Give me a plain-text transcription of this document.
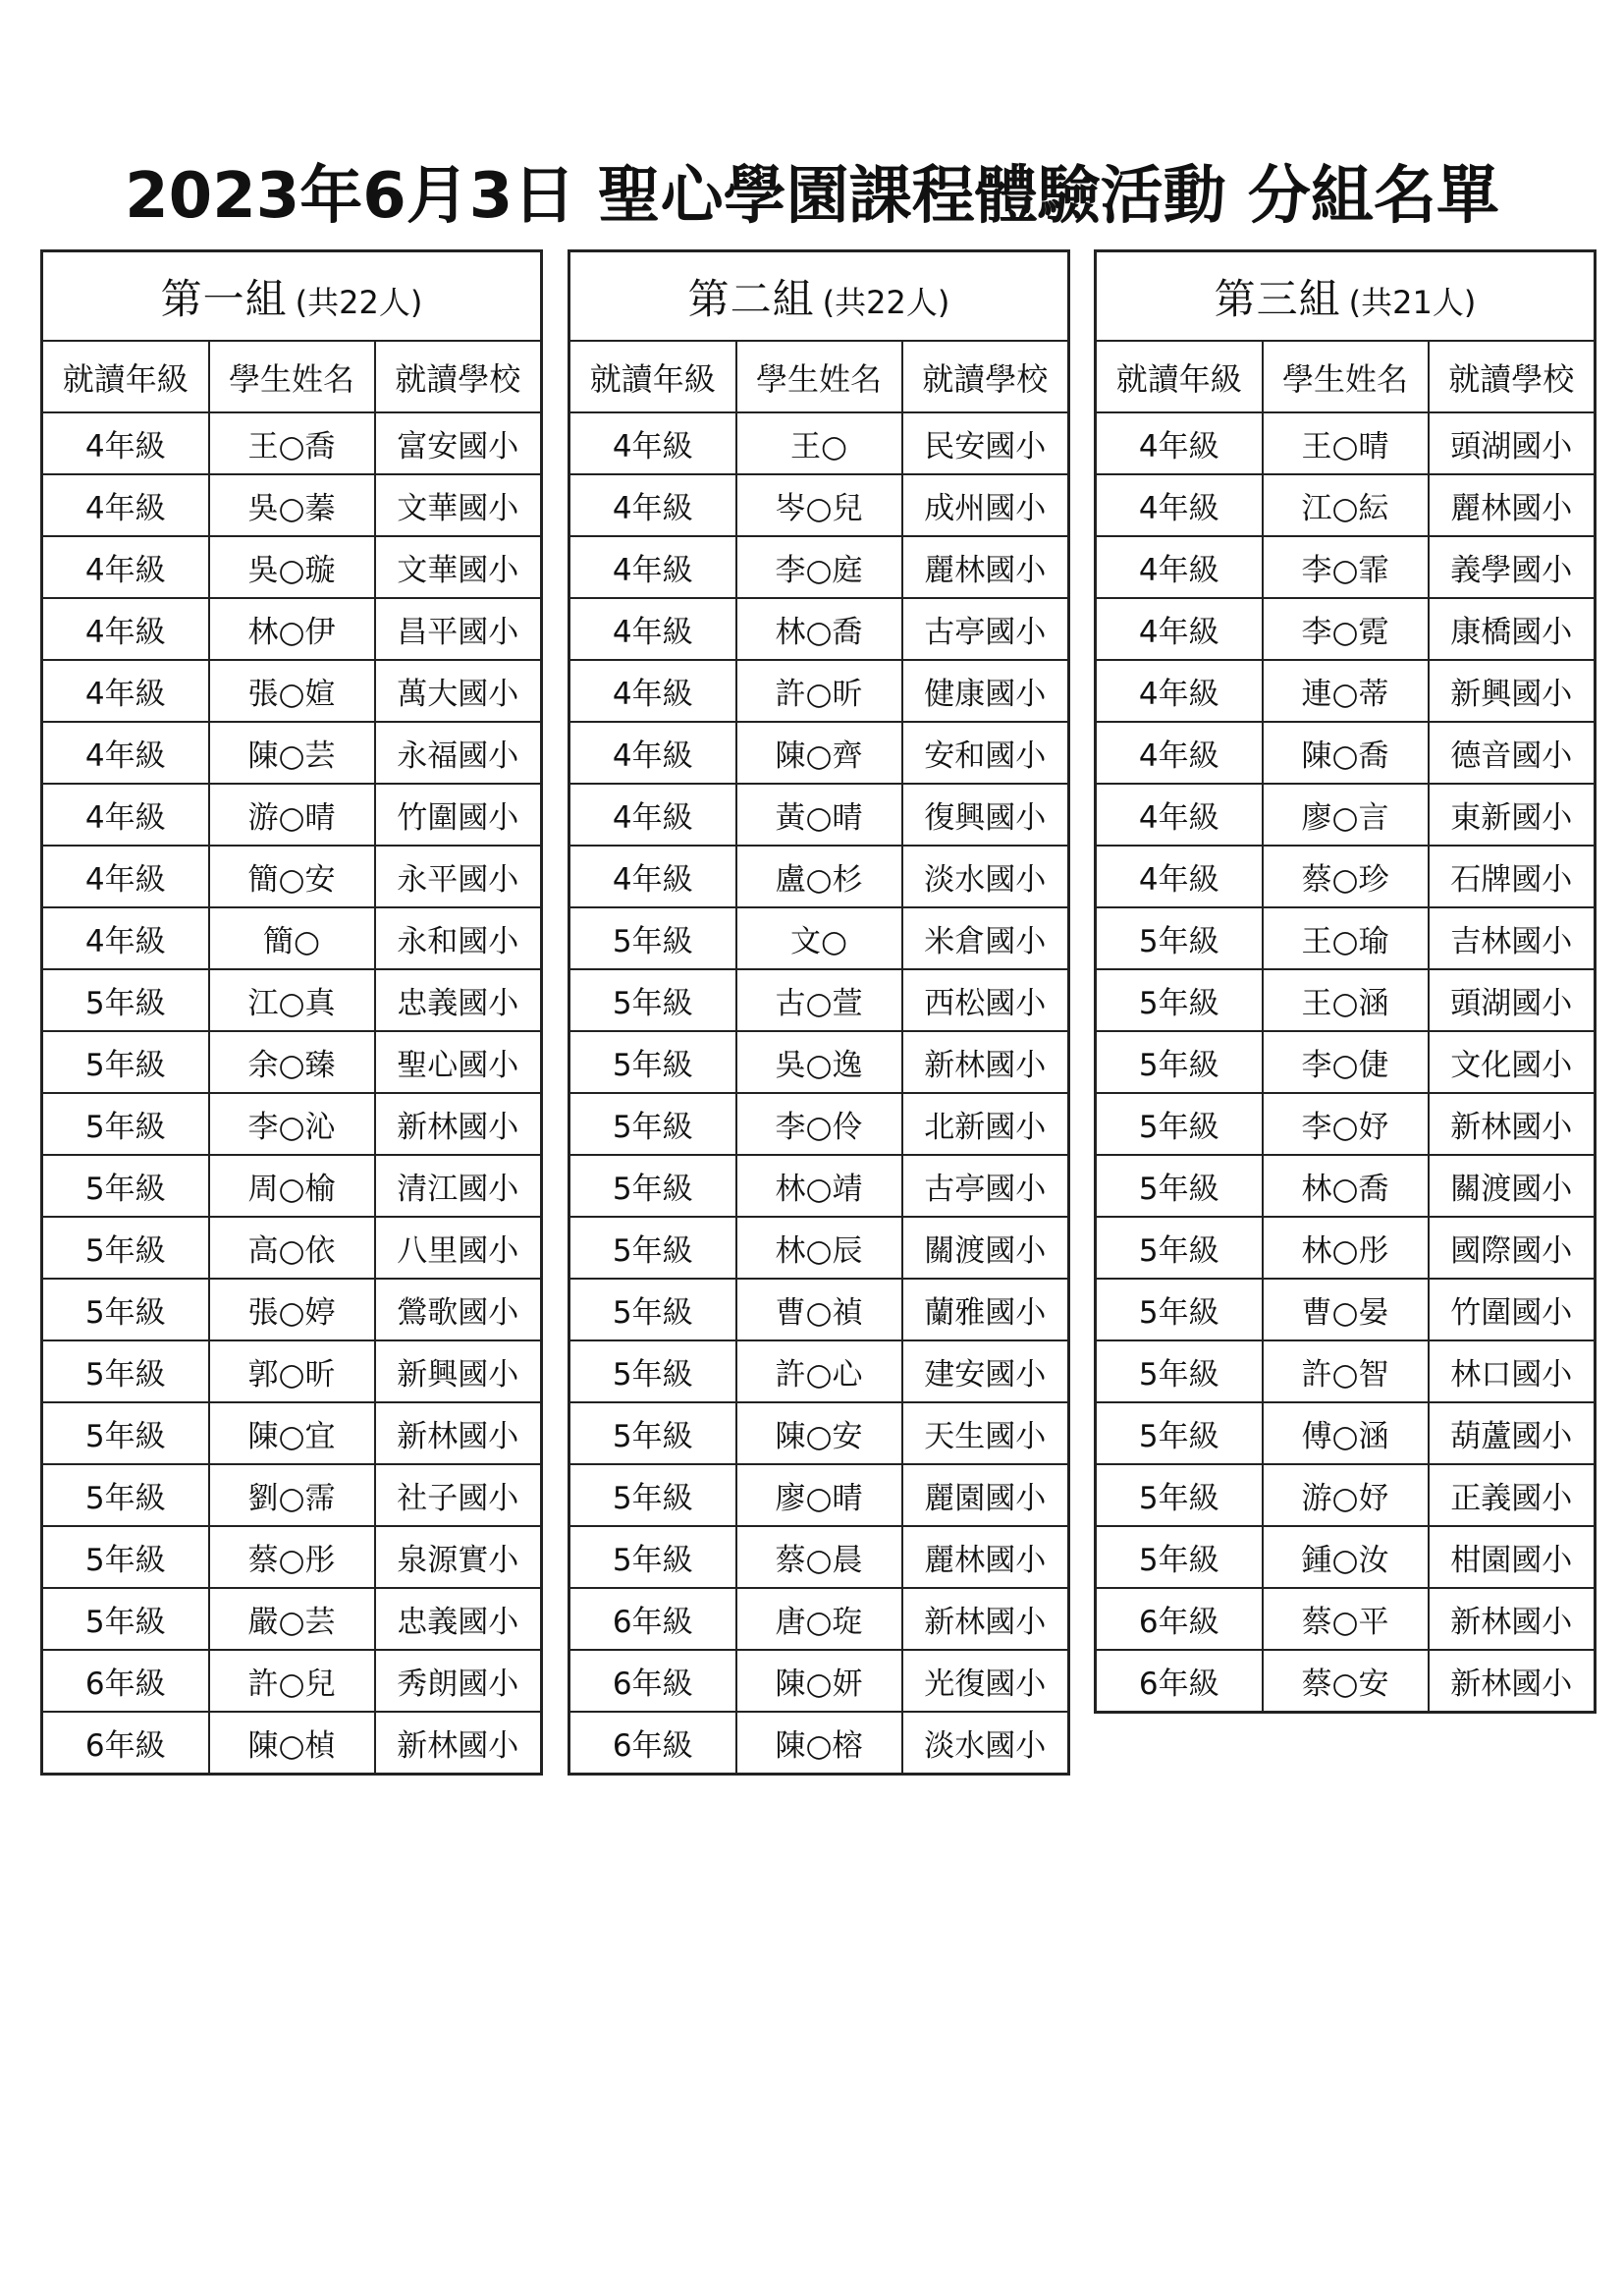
2023年6月3日 聖心學園課程體驗活動 分組名單
第一組 (共22人)		
就讀年級	學生姓名	就讀學校
4年級	王○喬	富安國小
4年級	吳○蓁	文華國小
4年級	吳○璇	文華國小
4年級	林○伊	昌平國小
4年級	張○媗	萬大國小
4年級	陳○芸	永福國小
4年級	游○晴	竹圍國小
4年級	簡○安	永平國小
4年級	簡○	永和國小
5年級	江○真	忠義國小
5年級	余○臻	聖心國小
5年級	李○沁	新林國小
5年級	周○榆	清江國小
5年級	高○依	八里國小
5年級	張○婷	鶯歌國小
5年級	郭○昕	新興國小
5年級	陳○宜	新林國小
5年級	劉○霈	社子國小
5年級	蔡○彤	泉源實小
5年級	嚴○芸	忠義國小
6年級	許○兒	秀朗國小
6年級	陳○楨	新林國小
第二組 (共22人)		
就讀年級	學生姓名	就讀學校
4年級	王○	民安國小
4年級	岑○兒	成州國小
4年級	李○庭	麗林國小
4年級	林○喬	古亭國小
4年級	許○昕	健康國小
4年級	陳○齊	安和國小
4年級	黃○晴	復興國小
4年級	盧○杉	淡水國小
5年級	文○	米倉國小
5年級	古○萱	西松國小
5年級	吳○逸	新林國小
5年級	李○伶	北新國小
5年級	林○靖	古亭國小
5年級	林○辰	關渡國小
5年級	曹○禎	蘭雅國小
5年級	許○心	建安國小
5年級	陳○安	天生國小
5年級	廖○晴	麗園國小
5年級	蔡○晨	麗林國小
6年級	唐○琁	新林國小
6年級	陳○妍	光復國小
6年級	陳○榕	淡水國小
第三組 (共21人)		
就讀年級	學生姓名	就讀學校
4年級	王○晴	頭湖國小
4年級	江○紜	麗林國小
4年級	李○霏	義學國小
4年級	李○霓	康橋國小
4年級	連○蒂	新興國小
4年級	陳○喬	德音國小
4年級	廖○言	東新國小
4年級	蔡○珍	石牌國小
5年級	王○瑜	吉林國小
5年級	王○涵	頭湖國小
5年級	李○倢	文化國小
5年級	李○妤	新林國小
5年級	林○喬	關渡國小
5年級	林○彤	國際國小
5年級	曹○晏	竹圍國小
5年級	許○智	林口國小
5年級	傅○涵	葫蘆國小
5年級	游○妤	正義國小
5年級	鍾○汝	柑園國小
6年級	蔡○平	新林國小
6年級	蔡○安	新林國小
